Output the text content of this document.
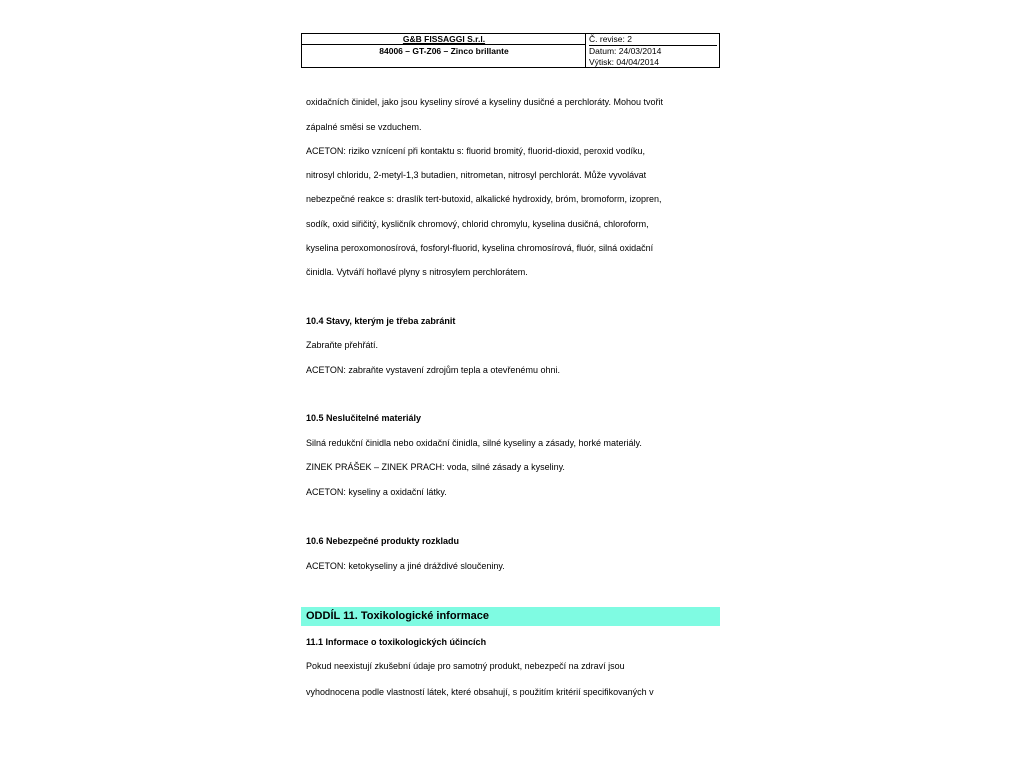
G&B FISSAGGI S.r.l.
84006 – GT-Z06 – Zinco brillante
Č. revise: 2
Datum: 24/03/2014
Výtisk: 04/04/2014
oxidačních činidel, jako jsou kyseliny sírové a kyseliny dusičné a perchloráty. Mohou tvořit
zápalné směsi se vzduchem.
ACETON: riziko vznícení při kontaktu s: fluorid bromitý, fluorid-dioxid, peroxid vodíku,
nitrosyl chloridu, 2-metyl-1,3 butadien, nitrometan, nitrosyl perchlorát. Může vyvolávat
nebezpečné reakce s: draslík tert-butoxid, alkalické hydroxidy, bróm, bromoform, izopren,
sodík, oxid siřičitý, kysličník chromový, chlorid chromylu, kyselina dusičná, chloroform,
kyselina peroxomonosírová, fosforyl-fluorid, kyselina chromosírová, fluór, silná oxidační
činidla. Vytváří hořlavé plyny s nitrosylem perchlorátem.
10.4 Stavy, kterým je třeba zabránit
Zabraňte přehřátí.
ACETON: zabraňte vystavení zdrojům tepla a otevřenému ohni.
10.5 Neslučitelné materiály
Silná redukční činidla nebo oxidační činidla, silné kyseliny a zásady, horké materiály.
ZINEK PRÁŠEK – ZINEK PRACH: voda, silné zásady a kyseliny.
ACETON: kyseliny a oxidační látky.
10.6 Nebezpečné produkty rozkladu
ACETON: ketokyseliny a jiné dráždivé sloučeniny.
ODDÍL 11. Toxikologické informace
11.1 Informace o toxikologických účincích
Pokud neexistují zkušební údaje pro samotný produkt, nebezpečí na zdraví jsou
vyhodnocena podle vlastností látek, které obsahují, s použitím kritérií specifikovaných v
